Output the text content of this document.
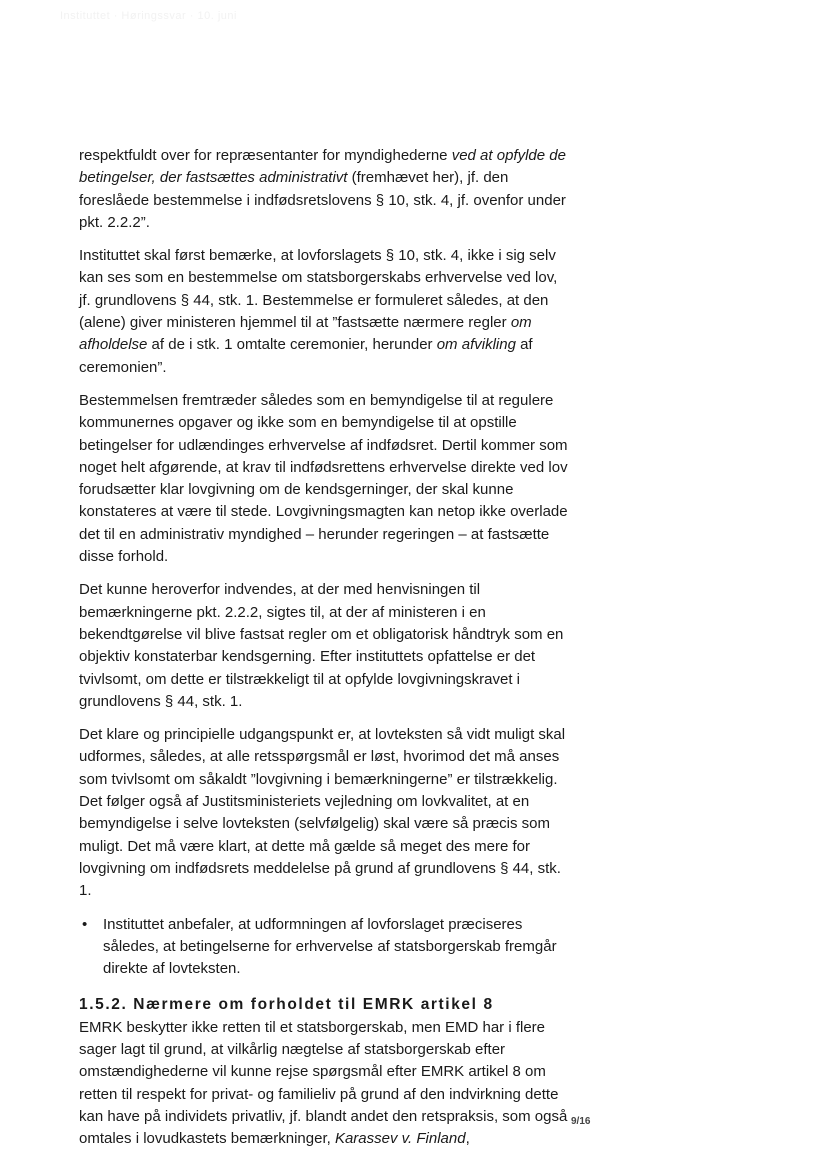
Instituttet · Høringssvar · 10. juni

respektfuldt over for repræsentanter for myndighederne ved at opfylde de betingelser, der fastsættes administrativt (fremhævet her), jf. den foreslåede bestemmelse i indfødsretslovens § 10, stk. 4, jf. ovenfor under pkt. 2.2.2”.

Instituttet skal først bemærke, at lovforslagets § 10, stk. 4, ikke i sig selv kan ses som en bestemmelse om statsborgerskabs erhvervelse ved lov, jf. grundlovens § 44, stk. 1. Bestemmelse er formuleret således, at den (alene) giver ministeren hjemmel til at ”fastsætte nærmere regler om afholdelse af de i stk. 1 omtalte ceremonier, herunder om afvikling af ceremonien”.

Bestemmelsen fremtræder således som en bemyndigelse til at regulere kommunernes opgaver og ikke som en bemyndigelse til at opstille betingelser for udlændinges erhvervelse af indfødsret. Dertil kommer som noget helt afgørende, at krav til indfødsrettens erhvervelse direkte ved lov forudsætter klar lovgivning om de kendsgerninger, der skal kunne konstateres at være til stede. Lovgivningsmagten kan netop ikke overlade det til en administrativ myndighed – herunder regeringen – at fastsætte disse forhold.

Det kunne heroverfor indvendes, at der med henvisningen til bemærkningerne pkt. 2.2.2, sigtes til, at der af ministeren i en bekendtgørelse vil blive fastsat regler om et obligatorisk håndtryk som en objektiv konstaterbar kendsgerning. Efter instituttets opfattelse er det tvivlsomt, om dette er tilstrækkeligt til at opfylde lovgivningskravet i grundlovens § 44, stk. 1.

Det klare og principielle udgangspunkt er, at lovteksten så vidt muligt skal udformes, således, at alle retsspørgsmål er løst, hvorimod det må anses som tvivlsomt om såkaldt ”lovgivning i bemærkningerne” er tilstrækkelig. Det følger også af Justitsministeriets vejledning om lovkvalitet, at en bemyndigelse i selve lovteksten (selvfølgelig) skal være så præcis som muligt. Det må være klart, at dette må gælde så meget des mere for lovgivning om indfødsrets meddelelse på grund af grundlovens § 44, stk. 1.

• Instituttet anbefaler, at udformningen af lovforslaget præciseres således, at betingelserne for erhvervelse af statsborgerskab fremgår direkte af lovteksten.
1.5.2. Nærmere om forholdet til EMRK artikel 8

EMRK beskytter ikke retten til et statsborgerskab, men EMD har i flere sager lagt til grund, at vilkårlig nægtelse af statsborgerskab efter omstændighederne vil kunne rejse spørgsmål efter EMRK artikel 8 om retten til respekt for privat- og familieliv på grund af den indvirkning dette kan have på individets privatliv, jf. blandt andet den retspraksis, som også omtales i lovudkastets bemærkninger, Karassev v. Finland,

9/16
